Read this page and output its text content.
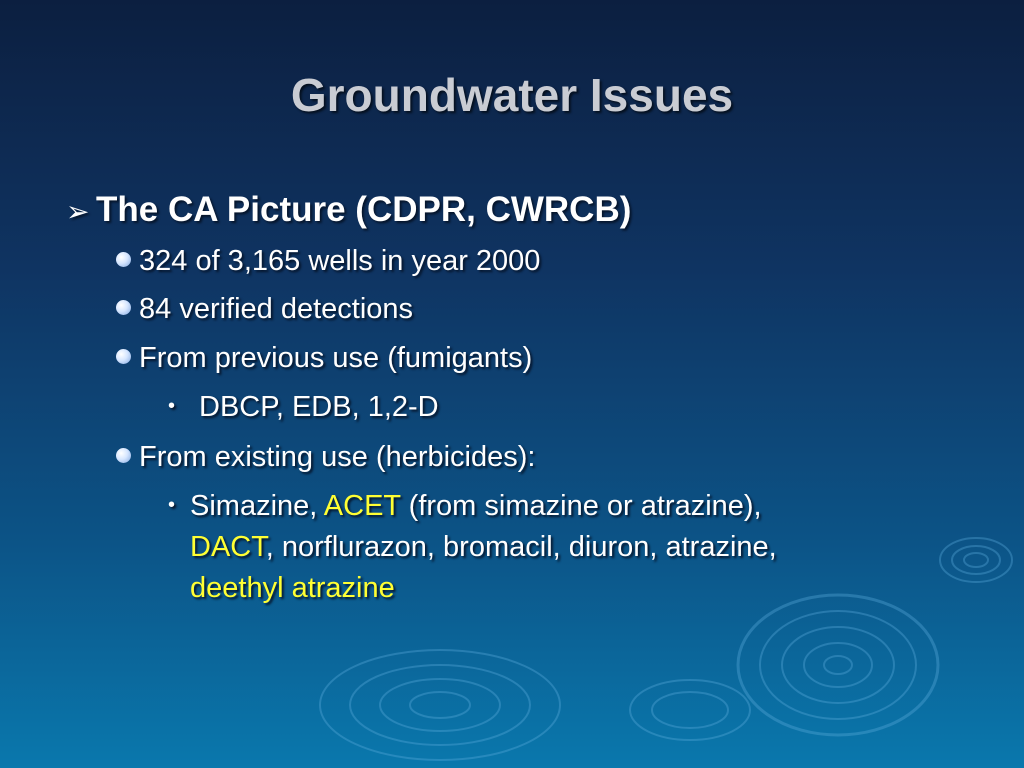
Groundwater Issues
➢ The CA Picture (CDPR, CWRCB)
324 of 3,165 wells in year 2000
84 verified detections
From previous use (fumigants)
• DBCP, EDB, 1,2-D
From existing use (herbicides):
• Simazine, ACET (from simazine or atrazine),
DACT, norflurazon, bromacil, diuron, atrazine,
deethyl atrazine
